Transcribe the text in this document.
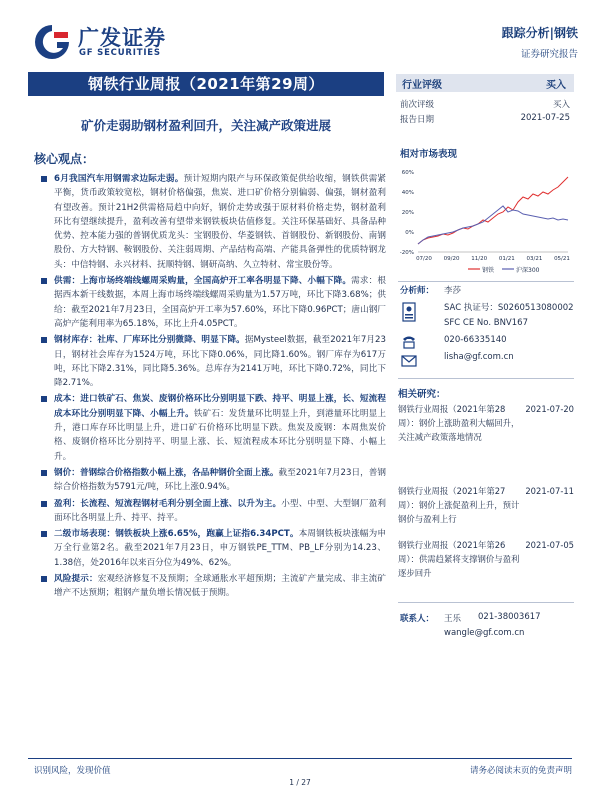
广发证券
GF SECURITIES
跟踪分析|钢铁
证券研究报告
钢铁行业周报（2021年第29周）
矿价走弱助钢材盈利回升，关注减产政策进展
行业评级	买入
前次评级	买入
报告日期	2021-07-25
相对市场表现
60%
40%
20%
0%
-20%
07/20 09/20 11/20 01/21 03/21 05/21
钢铁	沪深300
分析师： 李莎
SAC 执证号：S0260513080002
SFC CE No. BNV167
020-66335140
lisha@gf.com.cn
相关研究：
钢铁行业周报（2021年第28周）：钢价上涨助盈利大幅回升，关注减产政策落地情况
2021-07-20
钢铁行业周报（2021年第27周）：钢价上涨促盈利上升，预计钢价与盈利上行
2021-07-11
钢铁行业周报（2021年第26周）：供需趋紧将支撑钢价与盈利逐步回升
2021-07-05
联系人： 王乐 021-38003617
wangle@gf.com.cn
核心观点：
6月我国汽车用钢需求边际走弱。预计短期内限产与环保政策促供给收缩，钢铁供需紧平衡，货币政策较宽松，钢材价格偏强，焦炭、进口矿价格分别偏弱、偏强，钢材盈利有望改善。预计21H2供需格局趋中向好，钢价走势或强于原材料价格走势，钢材盈利环比有望继续提升，盈利改善有望带来钢铁板块估值修复。关注环保基础好、具备品种优势、控本能力强的普钢优质龙头：宝钢股份、华菱钢铁、首钢股份、新钢股份、南钢股份、方大特钢、鞍钢股份、关注弱周期、产品结构高端、产能具备弹性的优质特钢龙头：中信特钢、永兴材料、抚顺特钢、钢研高纳、久立特材、常宝股份等。
供需：上海市场终端线螺周采购量，全国高炉开工率各明显下降、小幅下降。需求：根据西本新干线数据，本周上海市场终端线螺周采购量为1.57万吨，环比下降3.68%；供给：截至2021年7月23日，全国高炉开工率为57.60%，环比下降0.96PCT；唐山钢厂高炉产能利用率为65.18%，环比上升4.05PCT。
钢材库存：社库、厂库环比分别微降、明显下降。据Mysteel数据，截至2021年7月23日，钢材社会库存为1524万吨，环比下降0.06%，同比降1.60%。钢厂库存为617万吨，环比下降2.31%，同比降5.36%。总库存为2141万吨，环比下降0.72%，同比下降2.71%。
成本：进口铁矿石、焦炭、废钢价格环比分别明显下跌、持平、明显上涨，长、短流程成本环比分别明显下降、小幅上升。铁矿石：发货量环比明显上升，到港量环比明显上升，港口库存环比明显上升，进口矿石价格环比明显下跌。焦炭及废钢：本周焦炭价格、废钢价格环比分别持平、明显上涨、长、短流程成本环比分别明显下降、小幅上升。
钢价：普钢综合价格指数小幅上涨，各品种钢价全面上涨。截至2021年7月23日，普钢综合价格指数为5791元/吨，环比上涨0.94%。
盈利：长流程、短流程钢材毛利分别全面上涨、以升为主。小型、中型、大型钢厂盈利面环比各明显上升、持平、持平。
二级市场表现：钢铁板块上涨6.65%，跑赢上证指6.34PCT。本周钢铁板块涨幅为申万全行业第2名。截至2021年7月23日，申万钢铁PE_TTM、PB_LF分别为14.23、1.38倍，处2016年以来百分位为49%、62%。
风险提示：宏观经济修复不及预期；全球通胀水平超预期；主流矿产量完成、非主流矿增产不达预期；粗钢产量负增长情况低于预期。
识别风险，发现价值	请务必阅读末页的免责声明
1 / 27
